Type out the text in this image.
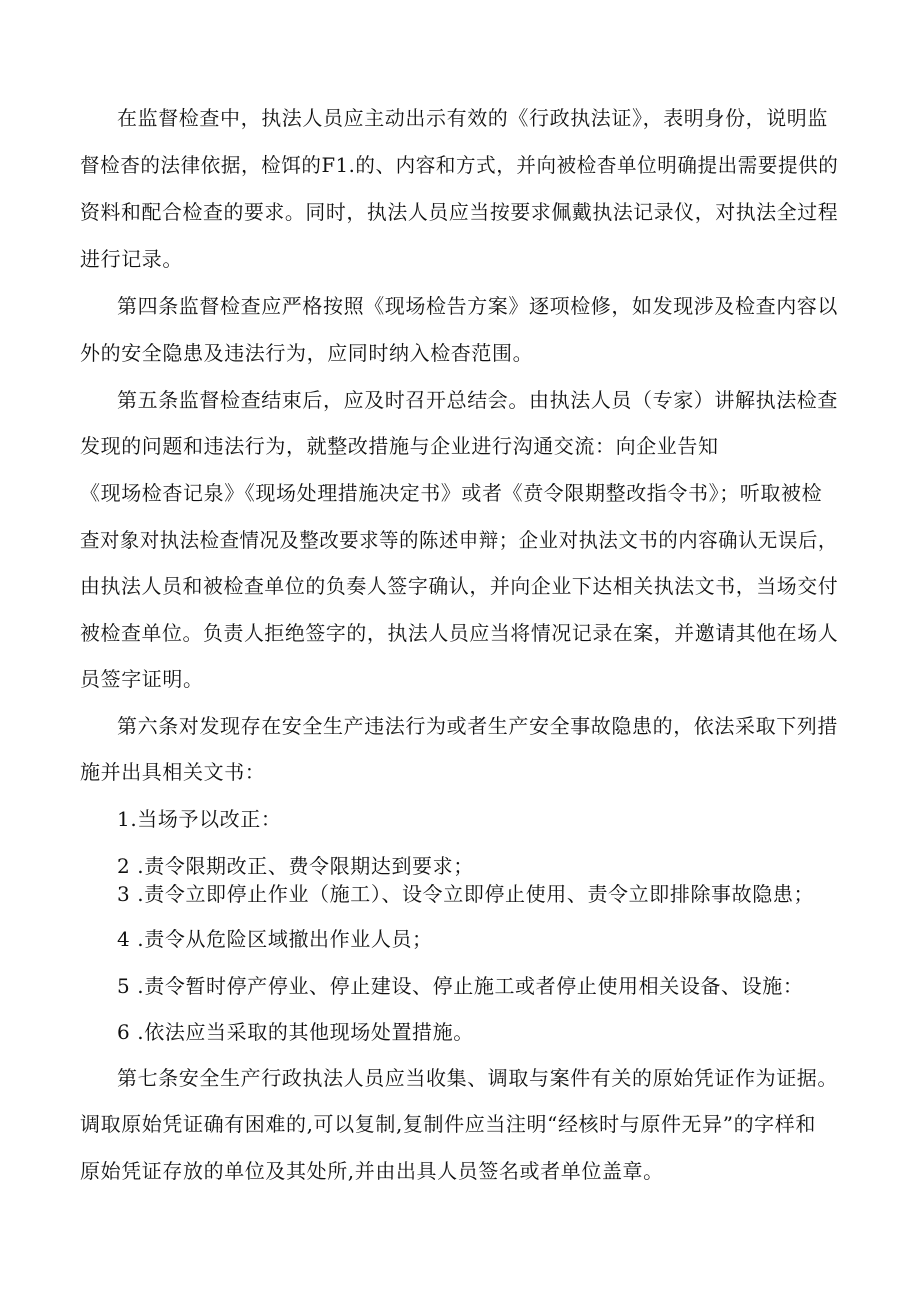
在监督检查中，执法人员应主动出示有效的《行政执法证》，表明身份，说明监
督检杳的法律依据，检饵的F1.的、内容和方式，并向被检杳单位明确提出需要提供的
资料和配合检查的要求。同时，执法人员应当按要求佩戴执法记录仪，对执法全过程
进行记录。
第四条监督检查应严格按照《现场检告方案》逐项检修，如发现涉及检查内容以
外的安全隐患及违法行为，应同时纳入检杳范围。
第五条监督检查结束后，应及时召开总结会。由执法人员（专家）讲解执法检查
发现的问题和违法行为，就整改措施与企业进行沟通交流：向企业告知
《现场检杳记泉》《现场处理措施决定书》或者《贲令限期整改指令书》；听取被检
查对象对执法检查情况及整改要求等的陈述申辩；企业对执法文书的内容确认无误后，
由执法人员和被检查单位的负奏人签字确认，并向企业下达相关执法文书，当场交付
被检查单位。负责人拒绝签字的，执法人员应当将情况记录在案，并邀请其他在场人
员签字证明。
第六条对发现存在安全生产违法行为或者生产安全事故隐患的，依法采取下列措
施并出具相关文书：
1.当场予以改正：
2 .责令限期改正、费令限期达到要求；
3 .责令立即停止作业（施工）、设令立即停止使用、责令立即排除事故隐患；
4 .责令从危险区域撤出作业人员；
5 .责令暂时停产停业、停止建设、停止施工或者停止使用相关设备、设施：
6 .依法应当采取的其他现场处置措施。
第七条安全生产行政执法人员应当收集、调取与案件有关的原始凭证作为证据。
调取原始凭证确有困难的,可以复制,复制件应当注明“经核时与原件无异”的字样和
原始凭证存放的单位及其处所,并由出具人员签名或者单位盖章。
